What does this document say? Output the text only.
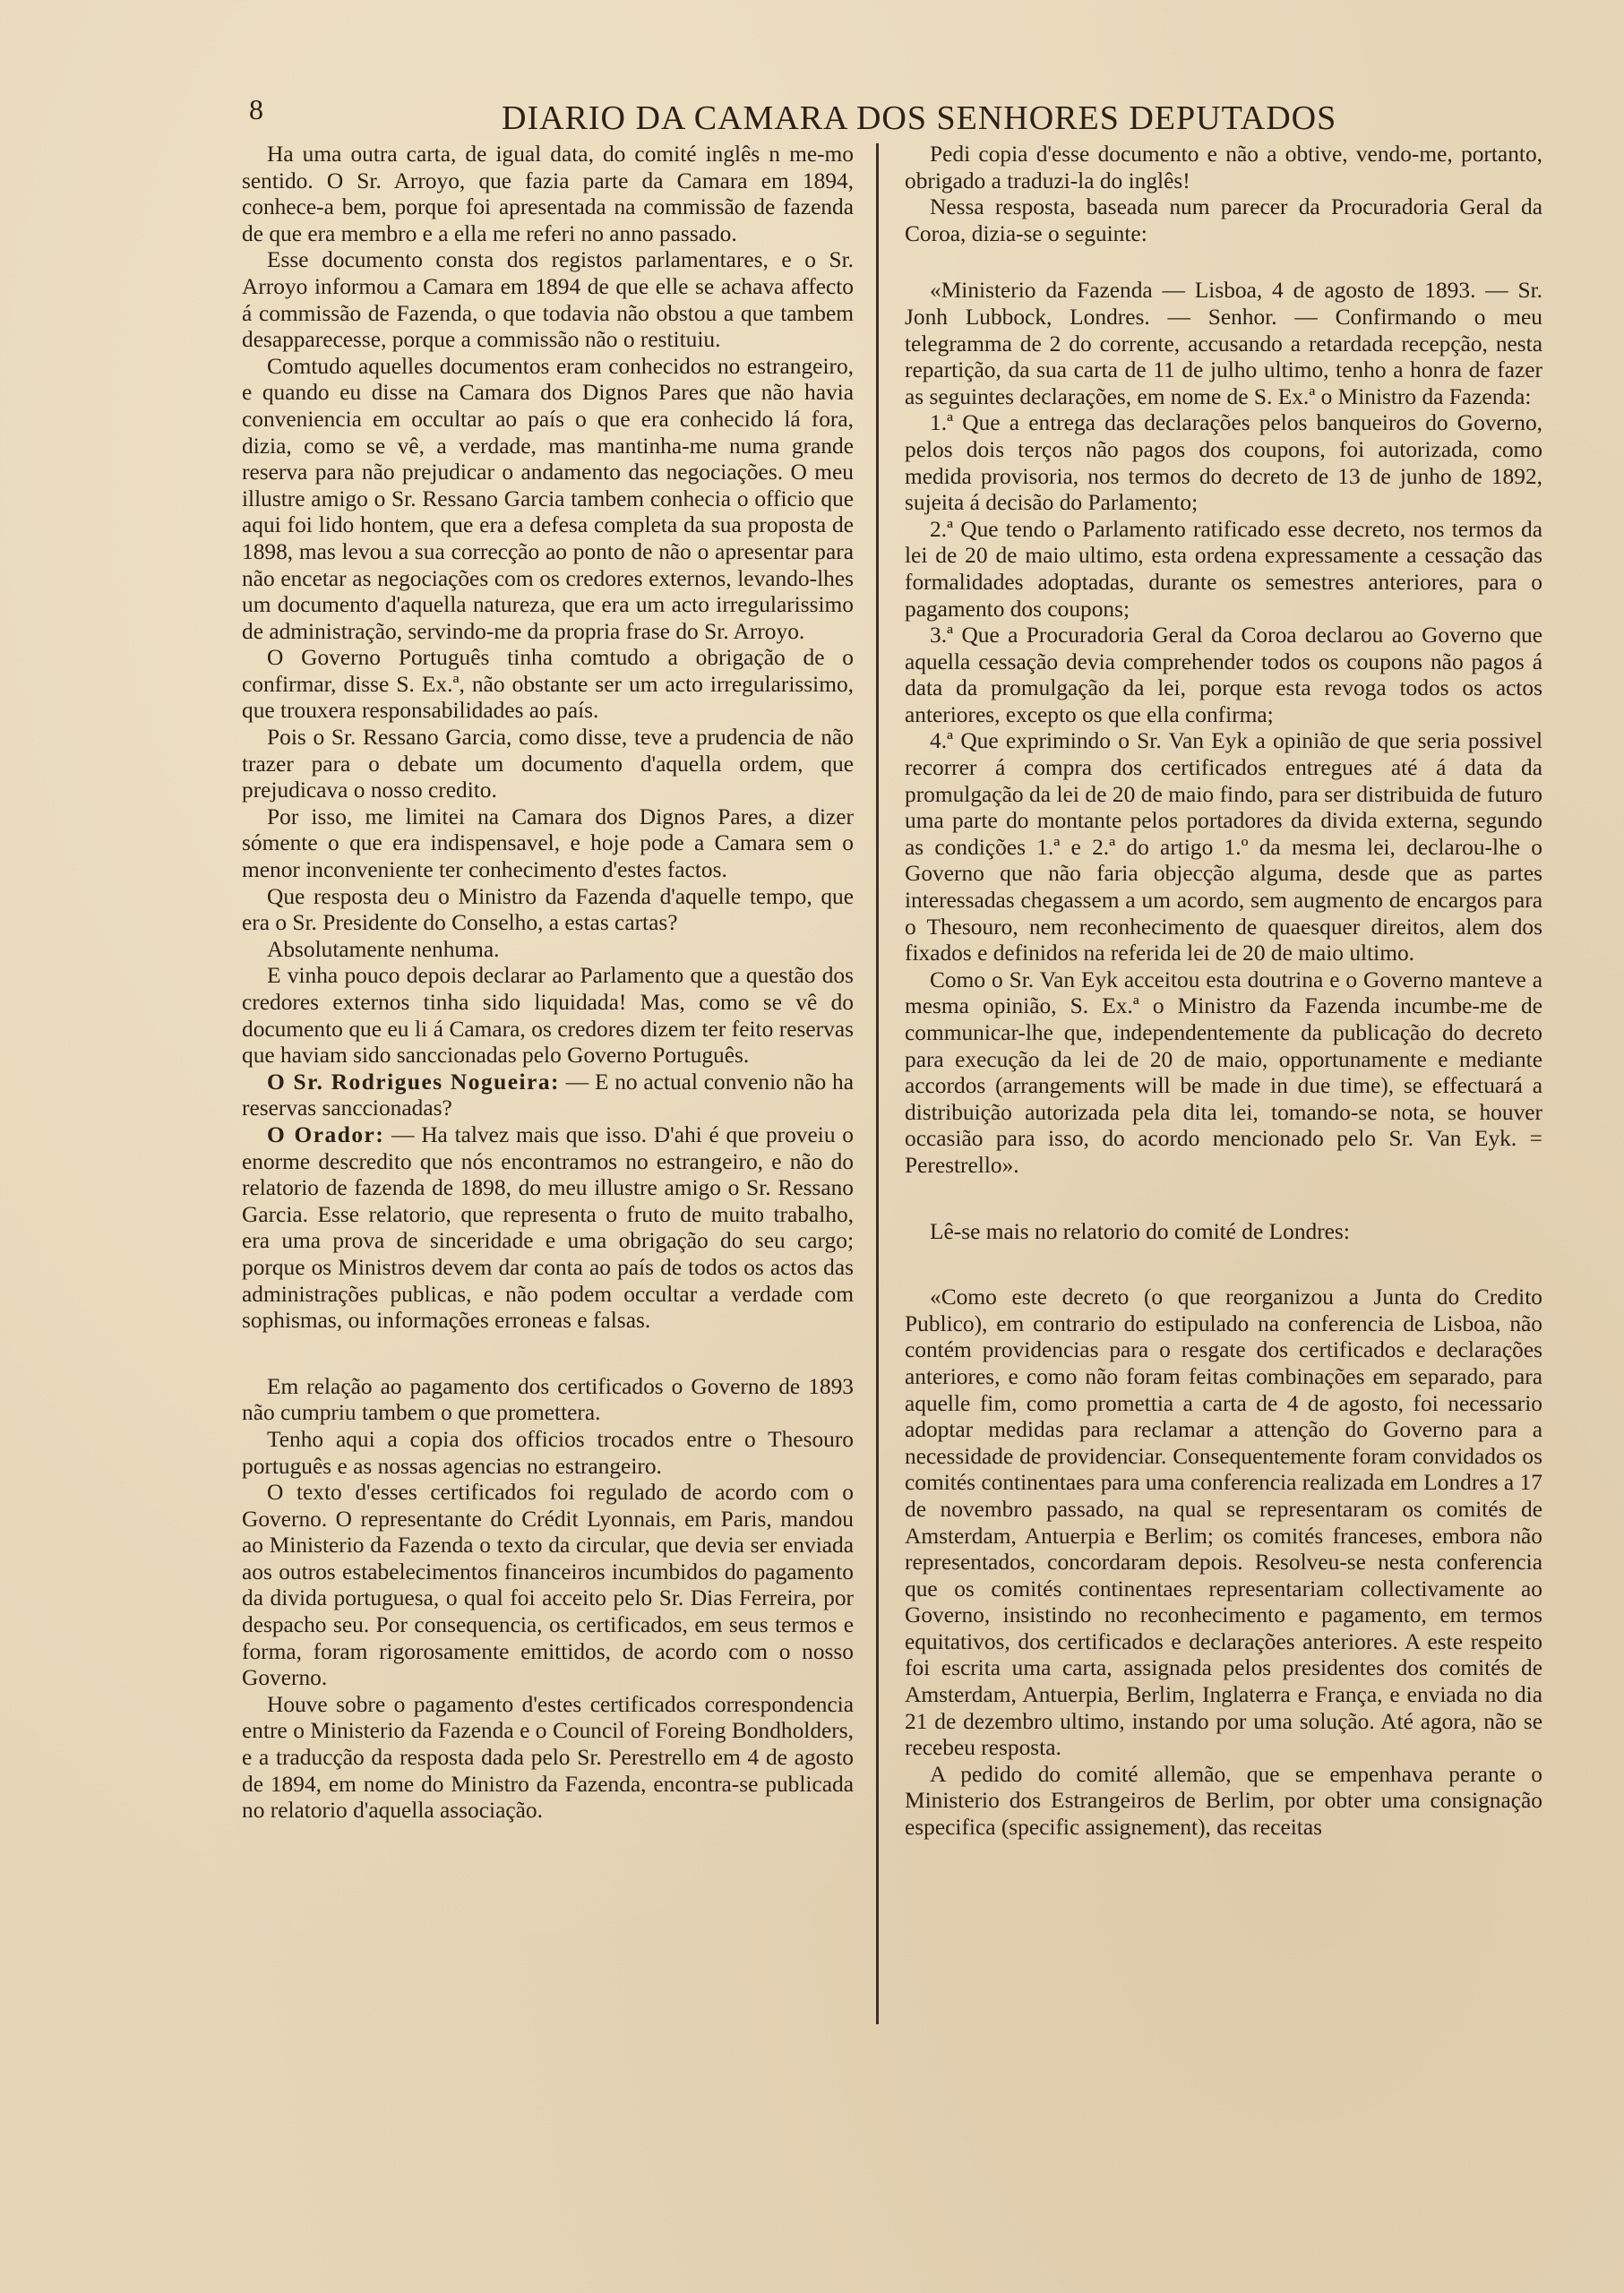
8	DIARIO DA CAMARA DOS SENHORES DEPUTADOS

Ha uma outra carta, de igual data, do comité inglês n me-mo sentido. O Sr. Arroyo, que fazia parte da Camara em 1894, conhece-a bem, porque foi apresentada na commissão de fazenda de que era membro e a ella me referi no anno passado.

Esse documento consta dos registos parlamentares, e o Sr. Arroyo informou a Camara em 1894 de que elle se achava affecto á commissão de Fazenda, o que todavia não obstou a que tambem desapparecesse, porque a commissão não o restituiu.

Comtudo aquelles documentos eram conhecidos no estrangeiro, e quando eu disse na Camara dos Dignos Pares que não havia conveniencia em occultar ao país o que era conhecido lá fora, dizia, como se vê, a verdade, mas mantinha-me numa grande reserva para não prejudicar o andamento das negociações. O meu illustre amigo o Sr. Ressano Garcia tambem conhecia o officio que aqui foi lido hontem, que era a defesa completa da sua proposta de 1898, mas levou a sua correcção ao ponto de não o apresentar para não encetar as negociações com os credores externos, levando-lhes um documento d'aquella natureza, que era um acto irregularissimo de administração, servindo-me da propria frase do Sr. Arroyo.

O Governo Português tinha comtudo a obrigação de o confirmar, disse S. Ex.ª, não obstante ser um acto irregularissimo, que trouxera responsabilidades ao país.

Pois o Sr. Ressano Garcia, como disse, teve a prudencia de não trazer para o debate um documento d'aquella ordem, que prejudicava o nosso credito.

Por isso, me limitei na Camara dos Dignos Pares, a dizer sómente o que era indispensavel, e hoje pode a Camara sem o menor inconveniente ter conhecimento d'estes factos.

Que resposta deu o Ministro da Fazenda d'aquelle tempo, que era o Sr. Presidente do Conselho, a estas cartas?

Absolutamente nenhuma.

E vinha pouco depois declarar ao Parlamento que a questão dos credores externos tinha sido liquidada! Mas, como se vê do documento que eu li á Camara, os credores dizem ter feito reservas que haviam sido sanccionadas pelo Governo Português.

O Sr. Rodrigues Nogueira: — E no actual convenio não ha reservas sanccionadas?

O Orador: — Ha talvez mais que isso. D'ahi é que proveiu o enorme descredito que nós encontramos no estrangeiro, e não do relatorio de fazenda de 1898, do meu illustre amigo o Sr. Ressano Garcia. Esse relatorio, que representa o fruto de muito trabalho, era uma prova de sinceridade e uma obrigação do seu cargo; porque os Ministros devem dar conta ao país de todos os actos das administrações publicas, e não podem occultar a verdade com sophismas, ou informações erroneas e falsas.

Em relação ao pagamento dos certificados o Governo de 1893 não cumpriu tambem o que promettera.

Tenho aqui a copia dos officios trocados entre o Thesouro português e as nossas agencias no estrangeiro.

O texto d'esses certificados foi regulado de acordo com o Governo. O representante do Crédit Lyonnais, em Paris, mandou ao Ministerio da Fazenda o texto da circular, que devia ser enviada aos outros estabelecimentos financeiros incumbidos do pagamento da divida portuguesa, o qual foi acceito pelo Sr. Dias Ferreira, por despacho seu. Por consequencia, os certificados, em seus termos e forma, foram rigorosamente emittidos, de acordo com o nosso Governo.

Houve sobre o pagamento d'estes certificados correspondencia entre o Ministerio da Fazenda e o Council of Foreing Bondholders, e a traducção da resposta dada pelo Sr. Perestrello em 4 de agosto de 1894, em nome do Ministro da Fazenda, encontra-se publicada no relatorio d'aquella associação.

Pedi copia d'esse documento e não a obtive, vendo-me, portanto, obrigado a traduzi-la do inglês!

Nessa resposta, baseada num parecer da Procuradoria Geral da Coroa, dizia-se o seguinte:

«Ministerio da Fazenda — Lisboa, 4 de agosto de 1893. — Sr. Jonh Lubbock, Londres. — Senhor. — Confirmando o meu telegramma de 2 do corrente, accusando a retardada recepção, nesta repartição, da sua carta de 11 de julho ultimo, tenho a honra de fazer as seguintes declarações, em nome de S. Ex.ª o Ministro da Fazenda:

1.ª Que a entrega das declarações pelos banqueiros do Governo, pelos dois terços não pagos dos coupons, foi autorizada, como medida provisoria, nos termos do decreto de 13 de junho de 1892, sujeita á decisão do Parlamento;

2.ª Que tendo o Parlamento ratificado esse decreto, nos termos da lei de 20 de maio ultimo, esta ordena expressamente a cessação das formalidades adoptadas, durante os semestres anteriores, para o pagamento dos coupons;

3.ª Que a Procuradoria Geral da Coroa declarou ao Governo que aquella cessação devia comprehender todos os coupons não pagos á data da promulgação da lei, porque esta revoga todos os actos anteriores, excepto os que ella confirma;

4.ª Que exprimindo o Sr. Van Eyk a opinião de que seria possivel recorrer á compra dos certificados entregues até á data da promulgação da lei de 20 de maio findo, para ser distribuida de futuro uma parte do montante pelos portadores da divida externa, segundo as condições 1.ª e 2.ª do artigo 1.º da mesma lei, declarou-lhe o Governo que não faria objecção alguma, desde que as partes interessadas chegassem a um acordo, sem augmento de encargos para o Thesouro, nem reconhecimento de quaesquer direitos, alem dos fixados e definidos na referida lei de 20 de maio ultimo.

Como o Sr. Van Eyk acceitou esta doutrina e o Governo manteve a mesma opinião, S. Ex.ª o Ministro da Fazenda incumbe-me de communicar-lhe que, independentemente da publicação do decreto para execução da lei de 20 de maio, opportunamente e mediante accordos (arrangements will be made in due time), se effectuará a distribuição autorizada pela dita lei, tomando-se nota, se houver occasião para isso, do acordo mencionado pelo Sr. Van Eyk. = Perestrello».

Lê-se mais no relatorio do comité de Londres:

«Como este decreto (o que reorganizou a Junta do Credito Publico), em contrario do estipulado na conferencia de Lisboa, não contém providencias para o resgate dos certificados e declarações anteriores, e como não foram feitas combinações em separado, para aquelle fim, como promettia a carta de 4 de agosto, foi necessario adoptar medidas para reclamar a attenção do Governo para a necessidade de providenciar. Consequentemente foram convidados os comités continentaes para uma conferencia realizada em Londres a 17 de novembro passado, na qual se representaram os comités de Amsterdam, Antuerpia e Berlim; os comités franceses, embora não representados, concordaram depois. Resolveu-se nesta conferencia que os comités continentaes representariam collectivamente ao Governo, insistindo no reconhecimento e pagamento, em termos equitativos, dos certificados e declarações anteriores. A este respeito foi escrita uma carta, assignada pelos presidentes dos comités de Amsterdam, Antuerpia, Berlim, Inglaterra e França, e enviada no dia 21 de dezembro ultimo, instando por uma solução. Até agora, não se recebeu resposta.

A pedido do comité allemão, que se empenhava perante o Ministerio dos Estrangeiros de Berlim, por obter uma consignação especifica (specific assignement), das receitas
